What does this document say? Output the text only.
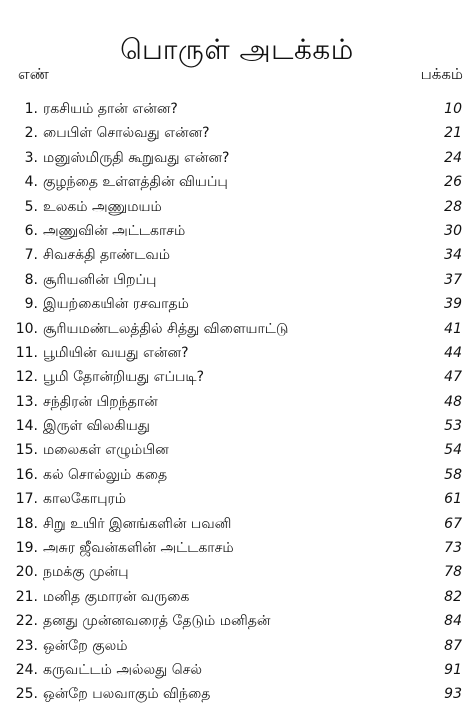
பொருள் அடக்கம்
எண்	பக்கம்
1. ரகசியம் தான் என்ன?	10
2. பைபிள் சொல்வது என்ன?	21
3. மனுஸ்மிருதி கூறுவது என்ன?	24
4. குழந்தை உள்ளத்தின் வியப்பு	26
5. உலகம் அணுமயம்	28
6. அணுவின் அட்டகாசம்	30
7. சிவசக்தி தாண்டவம்	34
8. சூரியனின் பிறப்பு	37
9. இயற்கையின் ரசவாதம்	39
10. சூரியமண்டலத்தில் சித்து விளையாட்டு	41
11. பூமியின் வயது என்ன?	44
12. பூமி தோன்றியது எப்படி?	47
13. சந்திரன் பிறந்தான்	48
14. இருள் விலகியது	53
15. மலைகள் எழும்பின	54
16. கல் சொல்லும் கதை	58
17. காலகோபுரம்	61
18. சிறு உயிர் இனங்களின் பவனி	67
19. அசுர ஜீவன்களின் அட்டகாசம்	73
20. நமக்கு முன்பு	78
21. மனித குமாரன் வருகை	82
22. தனது முன்னவரைத் தேடும் மனிதன்	84
23. ஒன்றே குலம்	87
24. கருவட்டம் அல்லது செல்	91
25. ஒன்றே பலவாகும் விந்தை	93
